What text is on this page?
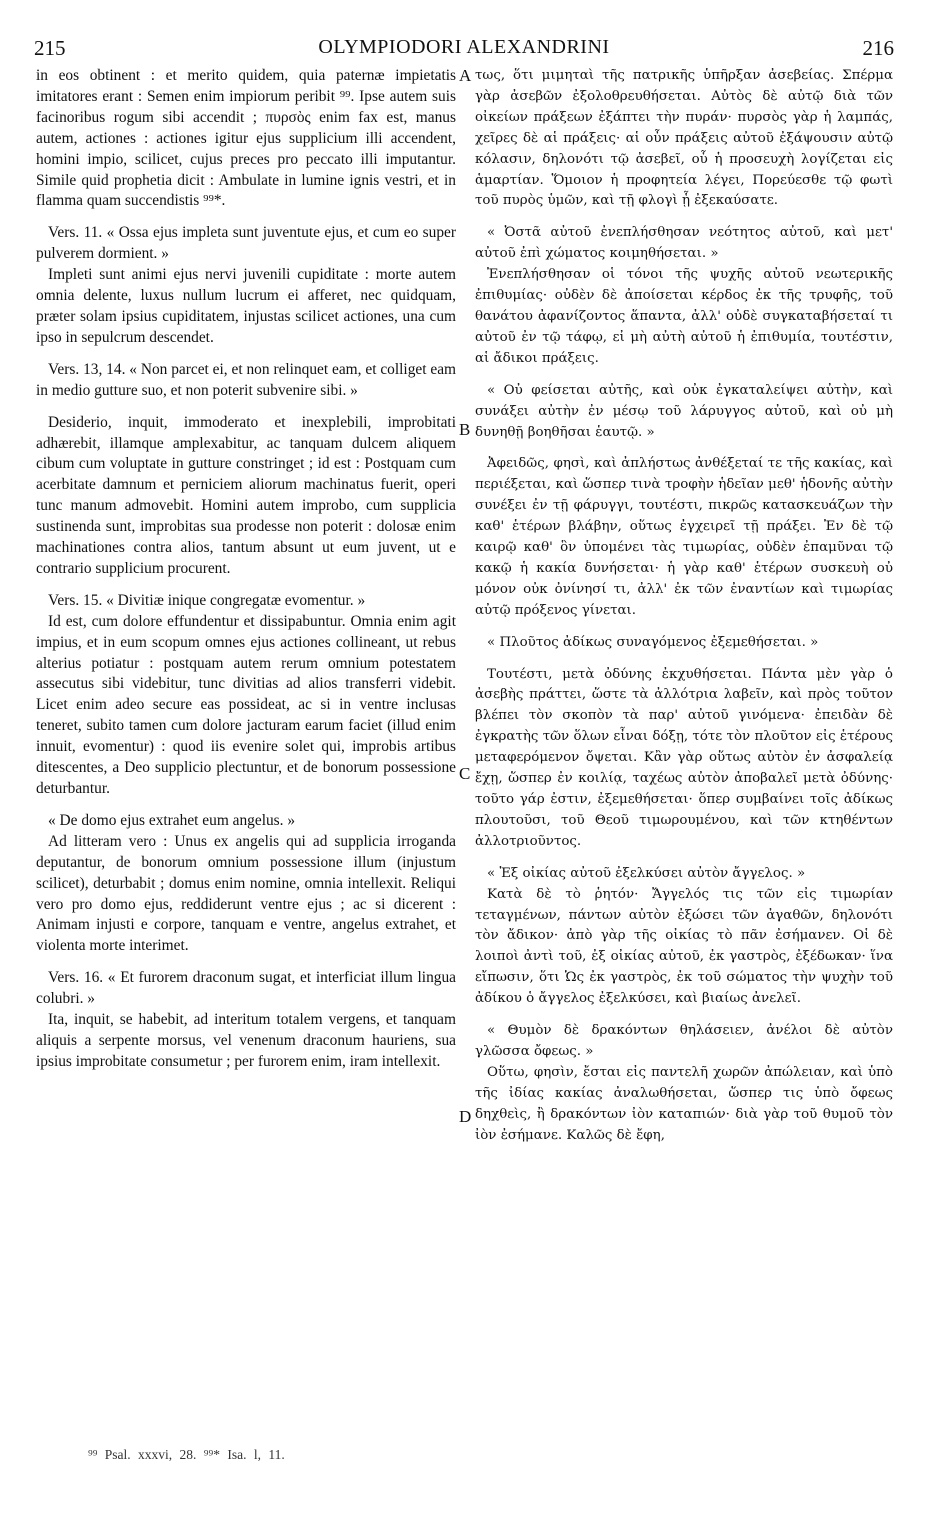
215	OLYMPIODORI ALEXANDRINI	216

in eos obtinent : et merito quidem, quia paternæ impietatis imitatores erant : Semen enim impiorum peribit ⁹⁹. Ipse autem suis facinoribus rogum sibi accendit ; πυρσὸς enim fax est, manus autem, actiones : actiones igitur ejus supplicium illi accendent, homini impio, scilicet, cujus preces pro peccato illi imputantur. Simile quid prophetia dicit : Ambulate in lumine ignis vestri, et in flamma quam succendistis ⁹⁹*.

Vers. 11. « Ossa ejus impleta sunt juventute ejus, et cum eo super pulverem dormient. »

Impleti sunt animi ejus nervi juvenili cupiditate : morte autem omnia delente, luxus nullum lucrum ei afferet, nec quidquam, præter solam ipsius cupiditatem, injustas scilicet actiones, una cum ipso in sepulcrum descendet.

Vers. 13, 14. « Non parcet ei, et non relinquet eam, et colliget eam in medio gutture suo, et non poterit subvenire sibi. »

Desiderio, inquit, immoderato et inexplebili, improbitati adhærebit, illamque amplexabitur, ac tanquam dulcem aliquem cibum cum voluptate in gutture constringet ; id est : Postquam cum acerbitate damnum et perniciem aliorum machinatus fuerit, operi tunc manum admovebit. Homini autem improbo, cum supplicia sustinenda sunt, improbitas sua prodesse non poterit : dolosæ enim machinationes contra alios, tantum absunt ut eum juvent, ut e contrario supplicium procurent.

Vers. 15. « Divitiæ inique congregatæ evomentur. »

Id est, cum dolore effundentur et dissipabuntur. Omnia enim agit impius, et in eum scopum omnes ejus actiones collineant, ut rebus alterius potiatur : postquam autem rerum omnium potestatem assecutus sibi videbitur, tunc divitias ad alios transferri videbit. Licet enim adeo secure eas possideat, ac si in ventre inclusas teneret, subito tamen cum dolore jacturam earum faciet (illud enim innuit, evomentur) : quod iis evenire solet qui, improbis artibus ditescentes, a Deo supplicio plectuntur, et de bonorum possessione deturbantur.

« De domo ejus extrahet eum angelus. »

Ad litteram vero : Unus ex angelis qui ad supplicia irroganda deputantur, de bonorum omnium possessione illum (injustum scilicet), deturbabit ; domus enim nomine, omnia intellexit. Reliqui vero pro domo ejus, reddiderunt ventre ejus ; ac si dicerent : Animam injusti e corpore, tanquam e ventre, angelus extrahet, et violenta morte interimet.

Vers. 16. « Et furorem draconum sugat, et interficiat illum lingua colubri. »

Ita, inquit, se habebit, ad interitum totalem vergens, et tanquam aliquis a serpente morsus, vel venenum draconum hauriens, sua ipsius improbitate consumetur ; per furorem enim, iram intellexit.

A
B
C
D

τως, ὅτι μιμηταὶ τῆς πατρικῆς ὑπῆρξαν ἀσεβείας. Σπέρμα γὰρ ἀσεβῶν ἐξολοθρευθήσεται. Αὐτὸς δὲ αὐτῷ διὰ τῶν οἰκείων πράξεων ἐξάπτει τὴν πυράν· πυρσὸς γὰρ ἡ λαμπάς, χεῖρες δὲ αἱ πράξεις· αἱ οὖν πράξεις αὐτοῦ ἐξάψουσιν αὐτῷ κόλασιν, δηλονότι τῷ ἀσεβεῖ, οὗ ἡ προσευχὴ λογίζεται εἰς ἁμαρτίαν. Ὅμοιον ἡ προφητεία λέγει, Πορεύεσθε τῷ φωτὶ τοῦ πυρὸς ὑμῶν, καὶ τῇ φλογὶ ᾗ ἐξεκαύσατε.

« Ὀστᾶ αὐτοῦ ἐνεπλήσθησαν νεότητος αὐτοῦ, καὶ μετ' αὐτοῦ ἐπὶ χώματος κοιμηθήσεται. »

Ἐνεπλήσθησαν οἱ τόνοι τῆς ψυχῆς αὐτοῦ νεωτερικῆς ἐπιθυμίας· οὐδὲν δὲ ἀποίσεται κέρδος ἐκ τῆς τρυφῆς, τοῦ θανάτου ἀφανίζοντος ἅπαντα, ἀλλ' οὐδὲ συγκαταβήσεταί τι αὐτοῦ ἐν τῷ τάφῳ, εἰ μὴ αὐτὴ αὐτοῦ ἡ ἐπιθυμία, τουτέστιν, αἱ ἄδικοι πράξεις.

« Οὐ φείσεται αὐτῆς, καὶ οὐκ ἐγκαταλείψει αὐτὴν, καὶ συνάξει αὐτὴν ἐν μέσῳ τοῦ λάρυγγος αὐτοῦ, καὶ οὐ μὴ δυνηθῇ βοηθῆσαι ἑαυτῷ. »

Ἀφειδῶς, φησὶ, καὶ ἀπλήστως ἀνθέξεταί τε τῆς κακίας, καὶ περιέξεται, καὶ ὥσπερ τινὰ τροφὴν ἡδεῖαν μεθ' ἡδονῆς αὐτὴν συνέξει ἐν τῇ φάρυγγι, τουτέστι, πικρῶς κατασκευάζων τὴν καθ' ἑτέρων βλάβην, οὕτως ἐγχειρεῖ τῇ πράξει. Ἐν δὲ τῷ καιρῷ καθ' ὃν ὑπομένει τὰς τιμωρίας, οὐδὲν ἐπαμῦναι τῷ κακῷ ἡ κακία δυνήσεται· ἡ γὰρ καθ' ἑτέρων συσκευὴ οὐ μόνον οὐκ ὀνίνησί τι, ἀλλ' ἐκ τῶν ἐναντίων καὶ τιμωρίας αὐτῷ πρόξενος γίνεται.

« Πλοῦτος ἀδίκως συναγόμενος ἐξεμεθήσεται. »

Τουτέστι, μετὰ ὀδύνης ἐκχυθήσεται. Πάντα μὲν γὰρ ὁ ἀσεβὴς πράττει, ὥστε τὰ ἀλλότρια λαβεῖν, καὶ πρὸς τοῦτον βλέπει τὸν σκοπὸν τὰ παρ' αὐτοῦ γινόμενα· ἐπειδὰν δὲ ἐγκρατὴς τῶν ὅλων εἶναι δόξῃ, τότε τὸν πλοῦτον εἰς ἑτέρους μεταφερόμενον ὄψεται. Κἂν γὰρ οὕτως αὐτὸν ἐν ἀσφαλείᾳ ἔχῃ, ὥσπερ ἐν κοιλίᾳ, ταχέως αὐτὸν ἀποβαλεῖ μετὰ ὀδύνης· τοῦτο γάρ ἐστιν, ἐξεμεθήσεται· ὅπερ συμβαίνει τοῖς ἀδίκως πλουτοῦσι, τοῦ Θεοῦ τιμωρουμένου, καὶ τῶν κτηθέντων ἀλλοτριοῦντος.

« Ἐξ οἰκίας αὐτοῦ ἐξελκύσει αὐτὸν ἄγγελος. »

Κατὰ δὲ τὸ ῥητόν· Ἄγγελός τις τῶν εἰς τιμωρίαν τεταγμένων, πάντων αὐτὸν ἐξώσει τῶν ἀγαθῶν, δηλονότι τὸν ἄδικον· ἀπὸ γὰρ τῆς οἰκίας τὸ πᾶν ἐσήμανεν. Οἱ δὲ λοιποὶ ἀντὶ τοῦ, ἐξ οἰκίας αὐτοῦ, ἐκ γαστρὸς, ἐξέδωκαν· ἵνα εἴπωσιν, ὅτι Ὡς ἐκ γαστρὸς, ἐκ τοῦ σώματος τὴν ψυχὴν τοῦ ἀδίκου ὁ ἄγγελος ἐξελκύσει, καὶ βιαίως ἀνελεῖ.

« Θυμὸν δὲ δρακόντων θηλάσειεν, ἀνέλοι δὲ αὐτὸν γλῶσσα ὄφεως. »

Οὕτω, φησὶν, ἔσται εἰς παντελῆ χωρῶν ἀπώλειαν, καὶ ὑπὸ τῆς ἰδίας κακίας ἀναλωθήσεται, ὥσπερ τις ὑπὸ ὄφεως δηχθεὶς, ἢ δρακόντων ἰὸν καταπιών· διὰ γὰρ τοῦ θυμοῦ τὸν ἰὸν ἐσήμανε. Καλῶς δὲ ἔφη,

⁹⁹ Psal. xxxvi, 28. ⁹⁹* Isa. l, 11.
